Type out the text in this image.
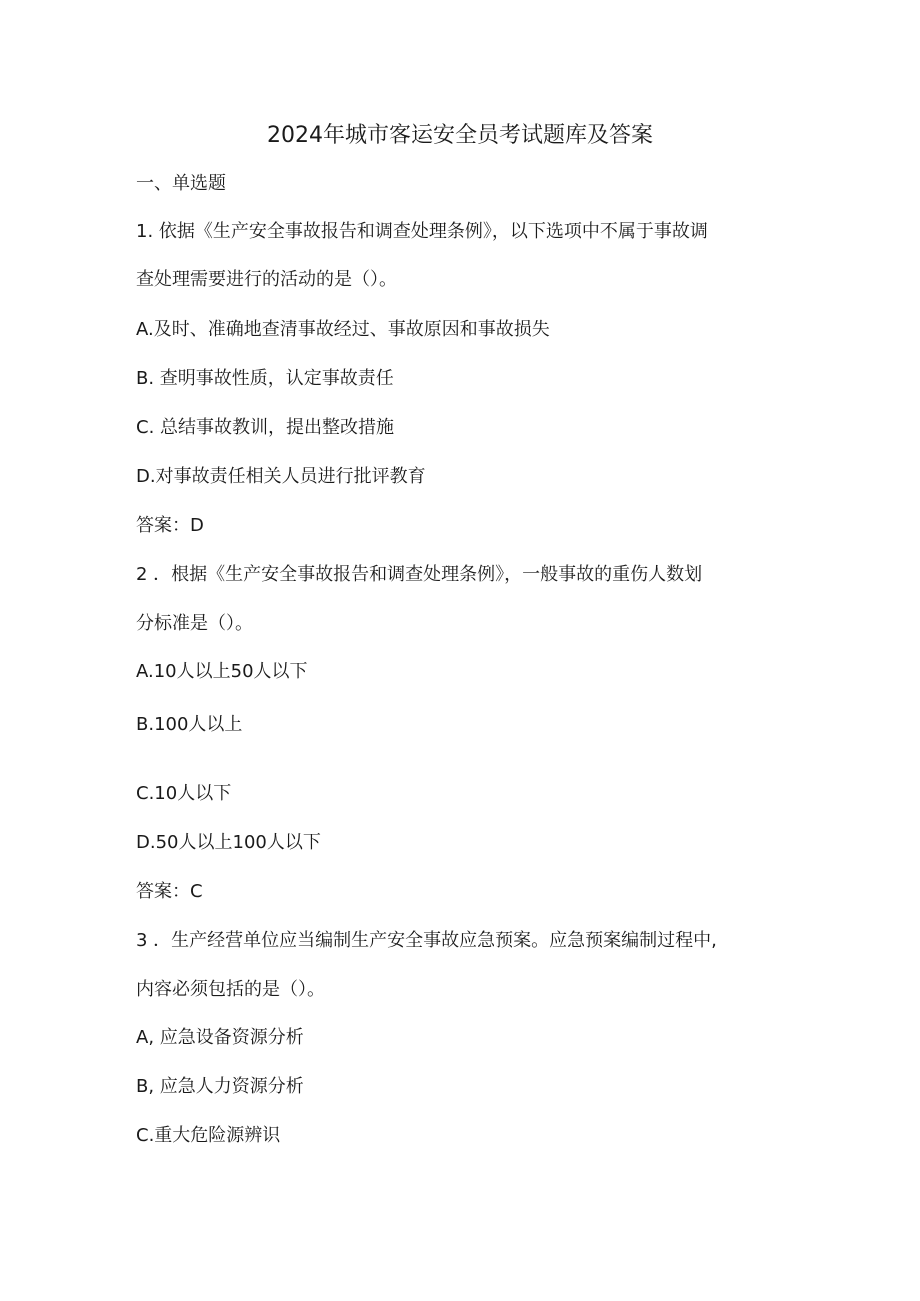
2024年城市客运安全员考试题库及答案
一、单选题
1. 依据《生产安全事故报告和调查处理条例》，以下选项中不属于事故调
查处理需要进行的活动的是（）。
A.及时、准确地查清事故经过、事故原因和事故损失
B. 查明事故性质，认定事故责任
C. 总结事故教训，提出整改措施
D.对事故责任相关人员进行批评教育
答案：D
2 ．根据《生产安全事故报告和调查处理条例》，一般事故的重伤人数划
分标准是（）。
A.10人以上50人以下
B.100人以上
C.10人以下
D.50人以上100人以下
答案：C
3 ．生产经营单位应当编制生产安全事故应急预案。应急预案编制过程中,
内容必须包括的是（）。
A, 应急设备资源分析
B, 应急人力资源分析
C.重大危险源辨识
